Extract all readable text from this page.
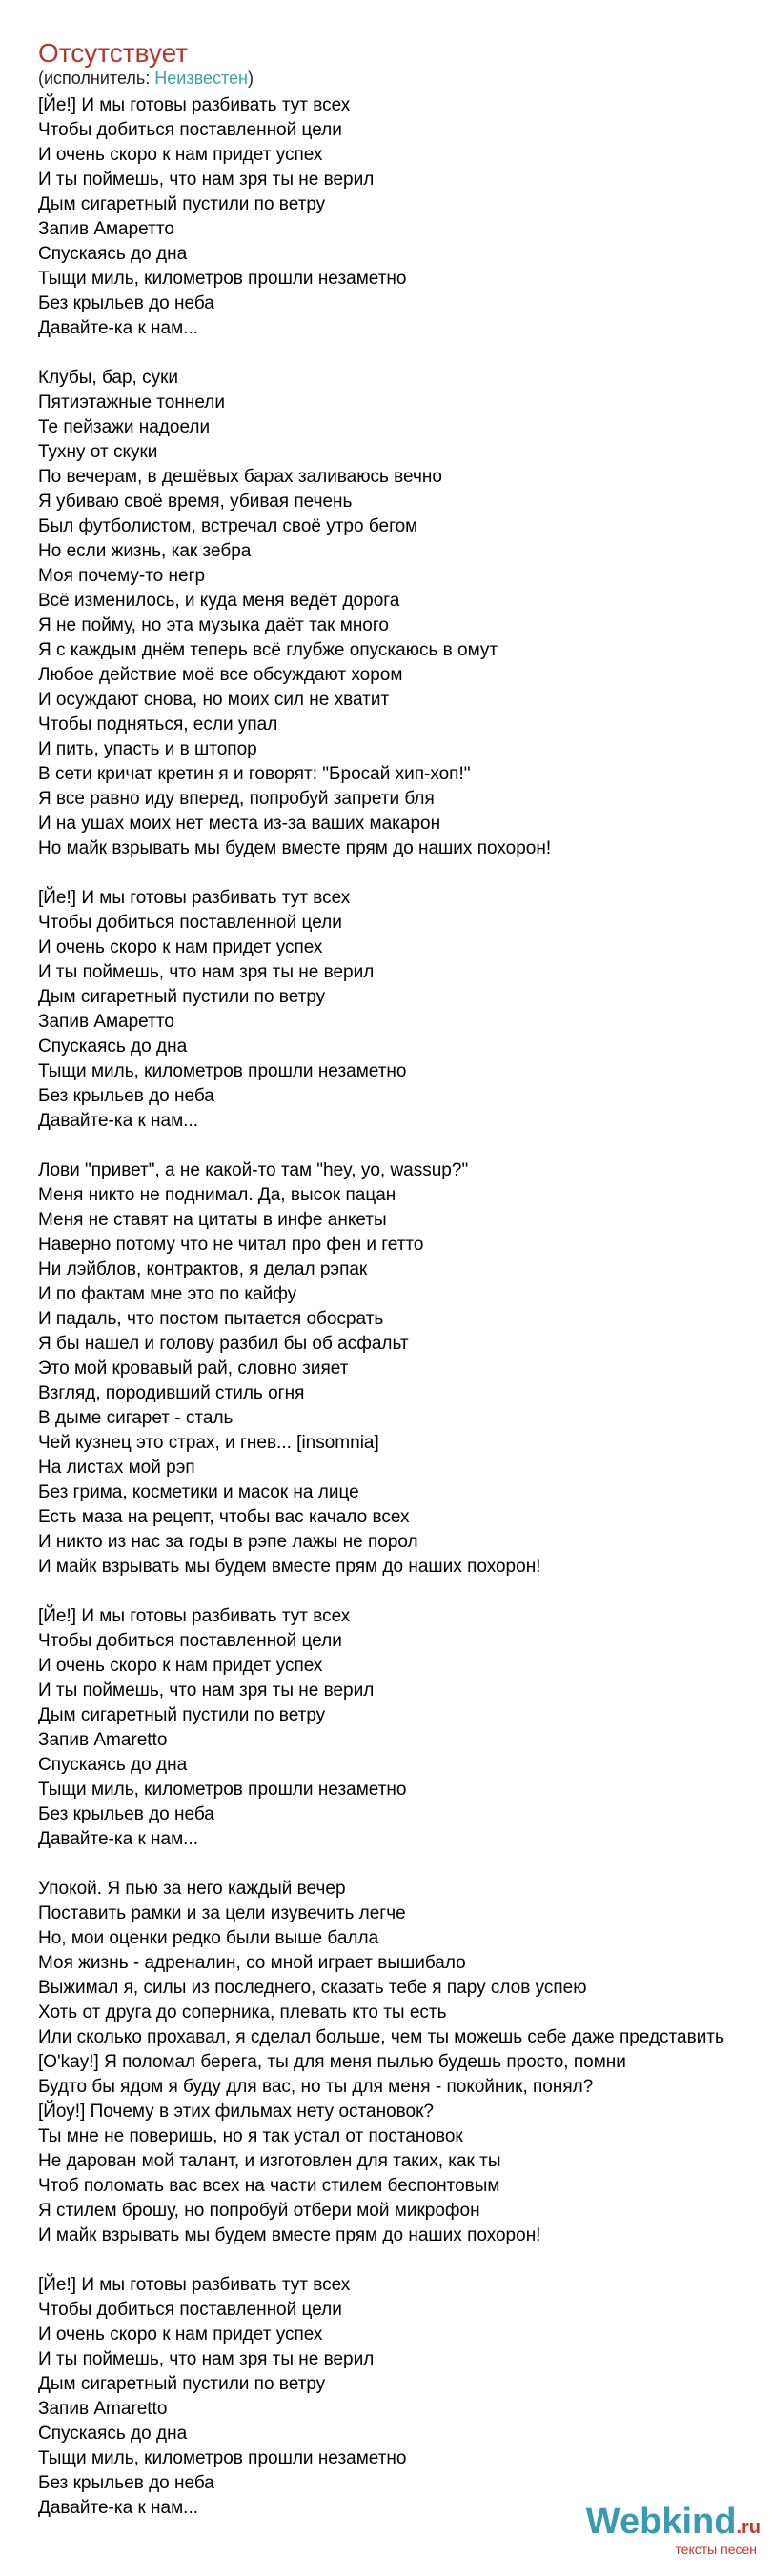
Отсутствует
(исполнитель: Неизвестен)
[Йе!] И мы готовы разбивать тут всех
Чтобы добиться поставленной цели
И очень скоро к нам придет успех
И ты поймешь, что нам зря ты не верил
Дым сигаретный пустили по ветру
Запив Амаретто
Спускаясь до дна
Тыщи миль, километров прошли незаметно
Без крыльев до неба
Давайте-ка к нам...
Клубы, бар, суки
Пятиэтажные тоннели
Те пейзажи надоели
Тухну от скуки
По вечерам, в дешёвых барах заливаюсь вечно
Я убиваю своё время, убивая печень
Был футболистом, встречал своё утро бегом
Но если жизнь, как зебра
Моя почему-то негр
Всё изменилось, и куда меня ведёт дорога
Я не пойму, но эта музыка даёт так много
Я с каждым днём теперь всё глубже опускаюсь в омут
Любое действие моё все обсуждают хором
И осуждают снова, но моих сил не хватит
Чтобы подняться, если упал
И пить, упасть и в штопор
В сети кричат кретин я и говорят: "Бросай хип-хоп!"
Я все равно иду вперед, попробуй запрети бля
И на ушах моих нет места из-за ваших макарон
Но майк взрывать мы будем вместе прям до наших похорон!
[Йе!] И мы готовы разбивать тут всех
Чтобы добиться поставленной цели
И очень скоро к нам придет успех
И ты поймешь, что нам зря ты не верил
Дым сигаретный пустили по ветру
Запив Амаретто
Спускаясь до дна
Тыщи миль, километров прошли незаметно
Без крыльев до неба
Давайте-ка к нам...
Лови "привет", а не какой-то там "hey, yo, wassup?"
Меня никто не поднимал. Да, высок пацан
Меня не ставят на цитаты в инфе анкеты
Наверно потому что не читал про фен и гетто
Ни лэйблов, контрактов, я делал рэпак
И по фактам мне это по кайфу
И падаль, что постом пытается обосрать
Я бы нашел и голову разбил бы об асфальт
Это мой кровавый рай, словно зияет
Взгляд, породивший стиль огня
В дыме сигарет - сталь
Чей кузнец это страх, и гнев... [insomnia]
На листах мой рэп
Без грима, косметики и масок на лице
Есть маза на рецепт, чтобы вас качало всех
И никто из нас за годы в рэпе лажы не порол
И майк взрывать мы будем вместе прям до наших похорон!
[Йе!] И мы готовы разбивать тут всех
Чтобы добиться поставленной цели
И очень скоро к нам придет успех
И ты поймешь, что нам зря ты не верил
Дым сигаретный пустили по ветру
Запив Amaretto
Спускаясь до дна
Тыщи миль, километров прошли незаметно
Без крыльев до неба
Давайте-ка к нам...
Упокой. Я пью за него каждый вечер
Поставить рамки и за цели изувечить легче
Но, мои оценки редко были выше балла
Моя жизнь - адреналин, со мной играет вышибало
Выжимал я, силы из последнего, сказать тебе я пару слов успею
Хоть от друга до соперника, плевать кто ты есть
Или сколько прохавал, я сделал больше, чем ты можешь себе даже представить
[O'kay!] Я поломал берега, ты для меня пылью будешь просто, помни
Будто бы ядом я буду для вас, но ты для меня - покойник, понял?
[Йоу!] Почему в этих фильмах нету остановок?
Ты мне не поверишь, но я так устал от постановок
Не дарован мой талант, и изготовлен для таких, как ты
Чтоб поломать вас всех на части стилем беспонтовым
Я стилем брошу, но попробуй отбери мой микрофон
И майк взрывать мы будем вместе прям до наших похорон!
[Йе!] И мы готовы разбивать тут всех
Чтобы добиться поставленной цели
И очень скоро к нам придет успех
И ты поймешь, что нам зря ты не верил
Дым сигаретный пустили по ветру
Запив Amaretto
Спускаясь до дна
Тыщи миль, километров прошли незаметно
Без крыльев до неба
Давайте-ка к нам...	Webkind.ru
тексты песен
